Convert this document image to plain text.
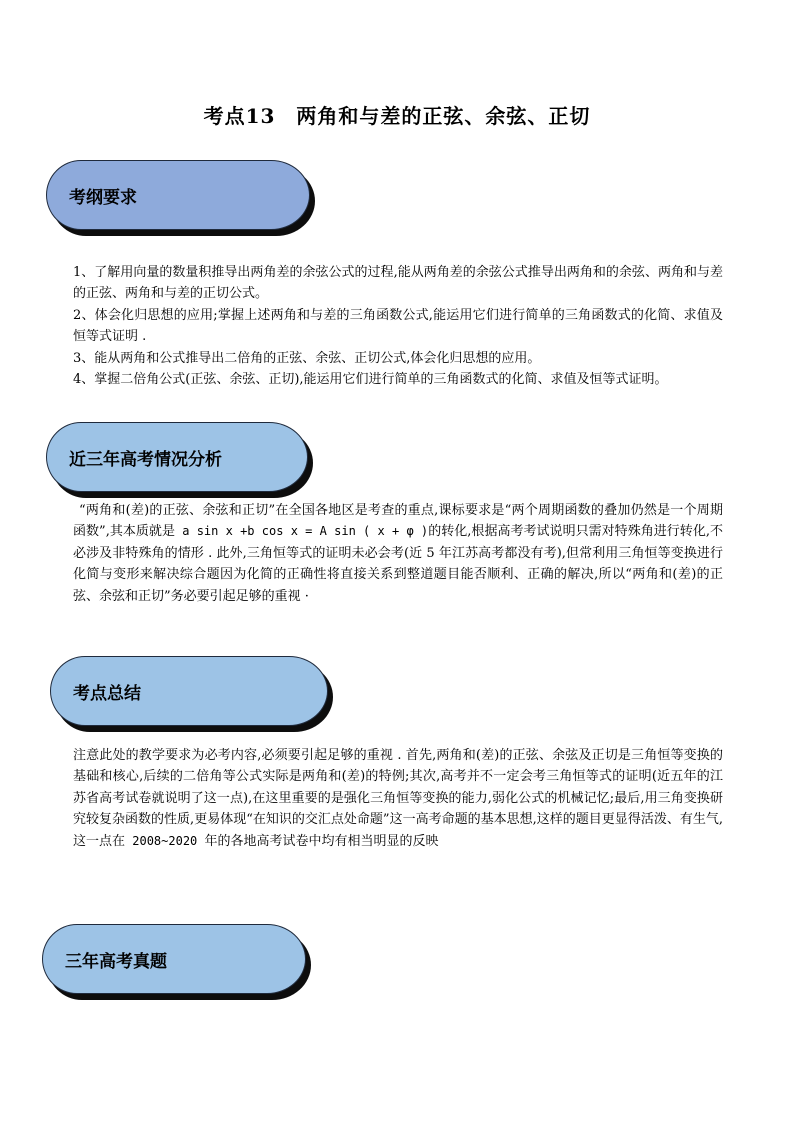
考点13　两角和与差的正弦、余弦、正切
考纲要求

1、了解用向量的数量积推导出两角差的余弦公式的过程,能从两角差的余弦公式推导出两角和的余弦、两角和与差的正弦、两角和与差的正切公式。

2、体会化归思想的应用;掌握上述两角和与差的三角函数公式,能运用它们进行简单的三角函数式的化简、求值及恒等式证明 .

3、能从两角和公式推导出二倍角的正弦、余弦、正切公式,体会化归思想的应用。

4、掌握二倍角公式(正弦、余弦、正切),能运用它们进行简单的三角函数式的化简、求值及恒等式证明。

近三年高考情况分析

“两角和(差)的正弦、余弦和正切”在全国各地区是考查的重点,课标要求是“两个周期函数的叠加仍然是一个周期函数”,其本质就是 a sin x +b cos x = A sin ( x + φ )的转化,根据高考考试说明只需对特殊角进行转化,不必涉及非特殊角的情形 . 此外,三角恒等式的证明未必会考(近 5 年江苏高考都没有考),但常利用三角恒等变换进行化简与变形来解决综合题因为化简的正确性将直接关系到整道题目能否顺利、正确的解决,所以“两角和(差)的正弦、余弦和正切”务必要引起足够的重视 ·

考点总结

注意此处的教学要求为必考内容,必须要引起足够的重视 . 首先,两角和(差)的正弦、余弦及正切是三角恒等变换的基础和核心,后续的二倍角等公式实际是两角和(差)的特例;其次,高考并不一定会考三角恒等式的证明(近五年的江苏省高考试卷就说明了这一点),在这里重要的是强化三角恒等变换的能力,弱化公式的机械记忆;最后,用三角变换研究较复杂函数的性质,更易体现“在知识的交汇点处命题”这一高考命题的基本思想,这样的题目更显得活泼、有生气,这一点在 2008~2020 年的各地高考试卷中均有相当明显的反映

三年高考真题
